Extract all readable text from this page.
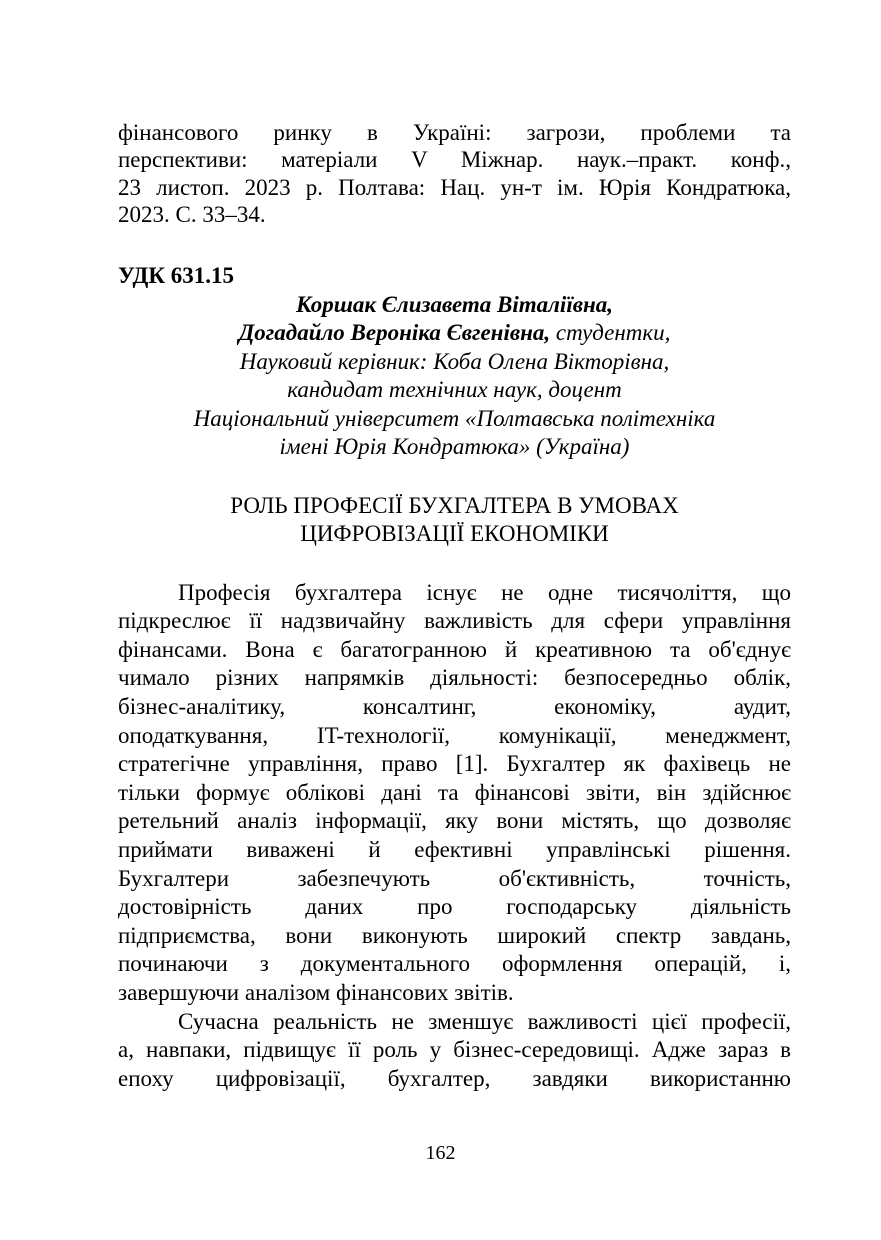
фінансового ринку в Україні: загрози, проблеми та
перспективи: матеріали V Міжнар. наук.–практ. конф.,
23 листоп. 2023 р. Полтава: Нац. ун-т ім. Юрія Кондратюка,
2023. С. 33–34.
УДК 631.15
Коршак Єлизавета Віталіївна,
Догадайло Вероніка Євгенівна, студентки,
Науковий керівник: Коба Олена Вікторівна,
кандидат технічних наук, доцент
Національний університет «Полтавська політехніка
імені Юрія Кондратюка» (Україна)
РОЛЬ ПРОФЕСІЇ БУХГАЛТЕРА В УМОВАХ
ЦИФРОВІЗАЦІЇ ЕКОНОМІКИ
Професія бухгалтера існує не одне тисячоліття, що
підкреслює її надзвичайну важливість для сфери управління
фінансами. Вона є багатогранною й креативною та об'єднує
чимало різних напрямків діяльності: безпосередньо облік,
бізнес-аналітику, консалтинг, економіку, аудит,
оподаткування, IT-технології, комунікації, менеджмент,
стратегічне управління, право [1]. Бухгалтер як фахівець не
тільки формує облікові дані та фінансові звіти, він здійснює
ретельний аналіз інформації, яку вони містять, що дозволяє
приймати виважені й ефективні управлінські рішення.
Бухгалтери забезпечують об'єктивність, точність,
достовірність даних про господарську діяльність
підприємства, вони виконують широкий спектр завдань,
починаючи з документального оформлення операцій, і,
завершуючи аналізом фінансових звітів.
Сучасна реальність не зменшує важливості цієї професії,
а, навпаки, підвищує її роль у бізнес-середовищі. Адже зараз в
епоху цифровізації, бухгалтер, завдяки використанню
162
